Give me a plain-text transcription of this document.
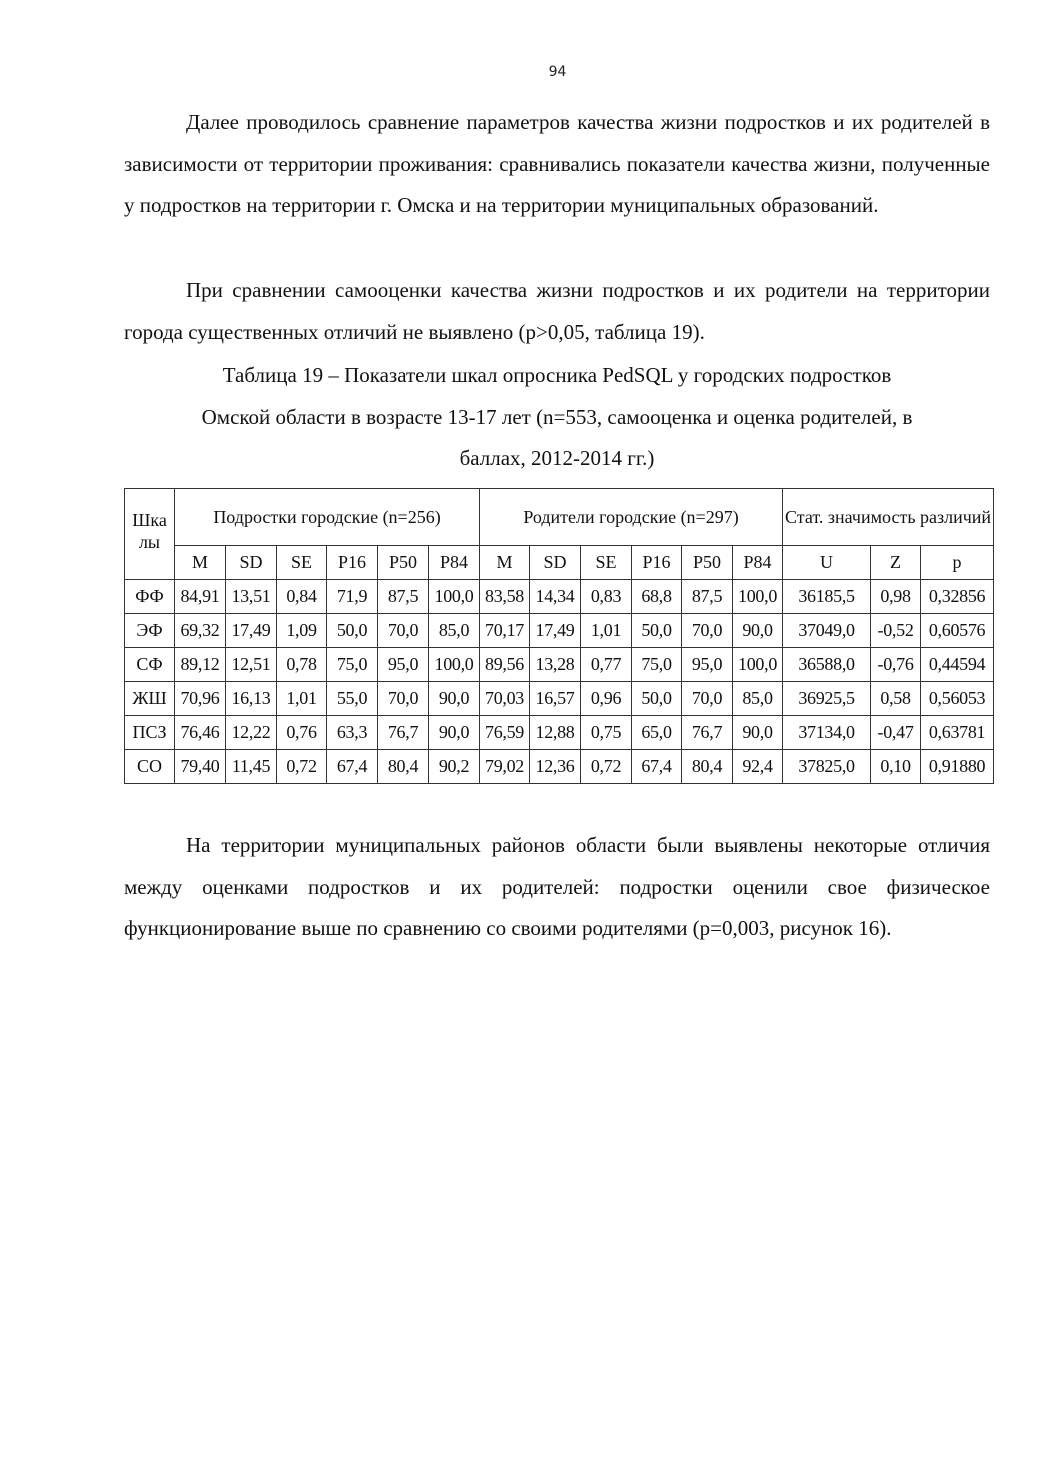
94

Далее проводилось сравнение параметров качества жизни подростков и их родителей в зависимости от территории проживания: сравнивались показатели качества жизни, полученные у подростков на территории г. Омска и на территории муниципальных образований.

При сравнении самооценки качества жизни подростков и их родители на территории города существенных отличий не выявлено (р>0,05, таблица 19).

Таблица 19 – Показатели шкал опросника PedSQL у городских подростков
Омской области в возрасте 13-17 лет (n=553, самооценка и оценка родителей, в
баллах, 2012-2014 гг.)
Шка лы	Подростки городские (n=256)						Родители городские (n=297)						Стат. значимость различий		
	M	SD	SE	P16	P50	P84	M	SD	SE	P16	P50	P84	U	Z	p
ФФ	84,91	13,51	0,84	71,9	87,5	100,0	83,58	14,34	0,83	68,8	87,5	100,0	36185,5	0,98	0,32856
ЭФ	69,32	17,49	1,09	50,0	70,0	85,0	70,17	17,49	1,01	50,0	70,0	90,0	37049,0	-0,52	0,60576
СФ	89,12	12,51	0,78	75,0	95,0	100,0	89,56	13,28	0,77	75,0	95,0	100,0	36588,0	-0,76	0,44594
ЖШ	70,96	16,13	1,01	55,0	70,0	90,0	70,03	16,57	0,96	50,0	70,0	85,0	36925,5	0,58	0,56053
ПСЗ	76,46	12,22	0,76	63,3	76,7	90,0	76,59	12,88	0,75	65,0	76,7	90,0	37134,0	-0,47	0,63781
СО	79,40	11,45	0,72	67,4	80,4	90,2	79,02	12,36	0,72	67,4	80,4	92,4	37825,0	0,10	0,91880

На территории муниципальных районов области были выявлены некоторые отличия между оценками подростков и их родителей: подростки оценили свое физическое функционирование выше по сравнению со своими родителями (р=0,003, рисунок 16).
